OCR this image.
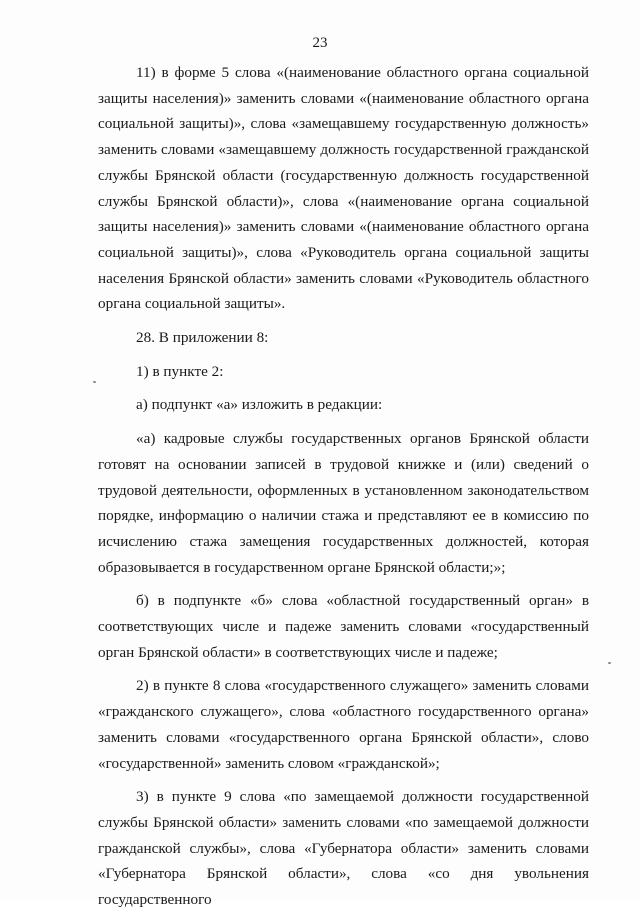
23

11) в форме 5 слова «(наименование областного органа социальной защиты населения)» заменить словами «(наименование областного органа социальной защиты)», слова «замещавшему государственную должность» заменить словами «замещавшему должность государственной гражданской службы Брянской области (государственную должность государственной службы Брянской области)», слова «(наименование органа социальной защиты населения)» заменить словами «(наименование областного органа социальной защиты)», слова «Руководитель органа социальной защиты населения Брянской области» заменить словами «Руководитель областного органа социальной защиты».

28. В приложении 8:

1) в пункте 2:

а) подпункт «а» изложить в редакции:

«а) кадровые службы государственных органов Брянской области готовят на основании записей в трудовой книжке и (или) сведений о трудовой деятельности, оформленных в установленном законодательством порядке, информацию о наличии стажа и представляют ее в комиссию по исчислению стажа замещения государственных должностей, которая образовывается в государственном органе Брянской области;»;

б) в подпункте «б» слова «областной государственный орган» в соответствующих числе и падеже заменить словами «государственный орган Брянской области» в соответствующих числе и падеже;

2) в пункте 8 слова «государственного служащего» заменить словами «гражданского служащего», слова «областного государственного органа» заменить словами «государственного органа Брянской области», слово «государственной» заменить словом «гражданской»;

3) в пункте 9 слова «по замещаемой должности государственной службы Брянской области» заменить словами «по замещаемой должности гражданской службы», слова «Губернатора области» заменить словами «Губернатора Брянской области», слова «со дня увольнения государственного
